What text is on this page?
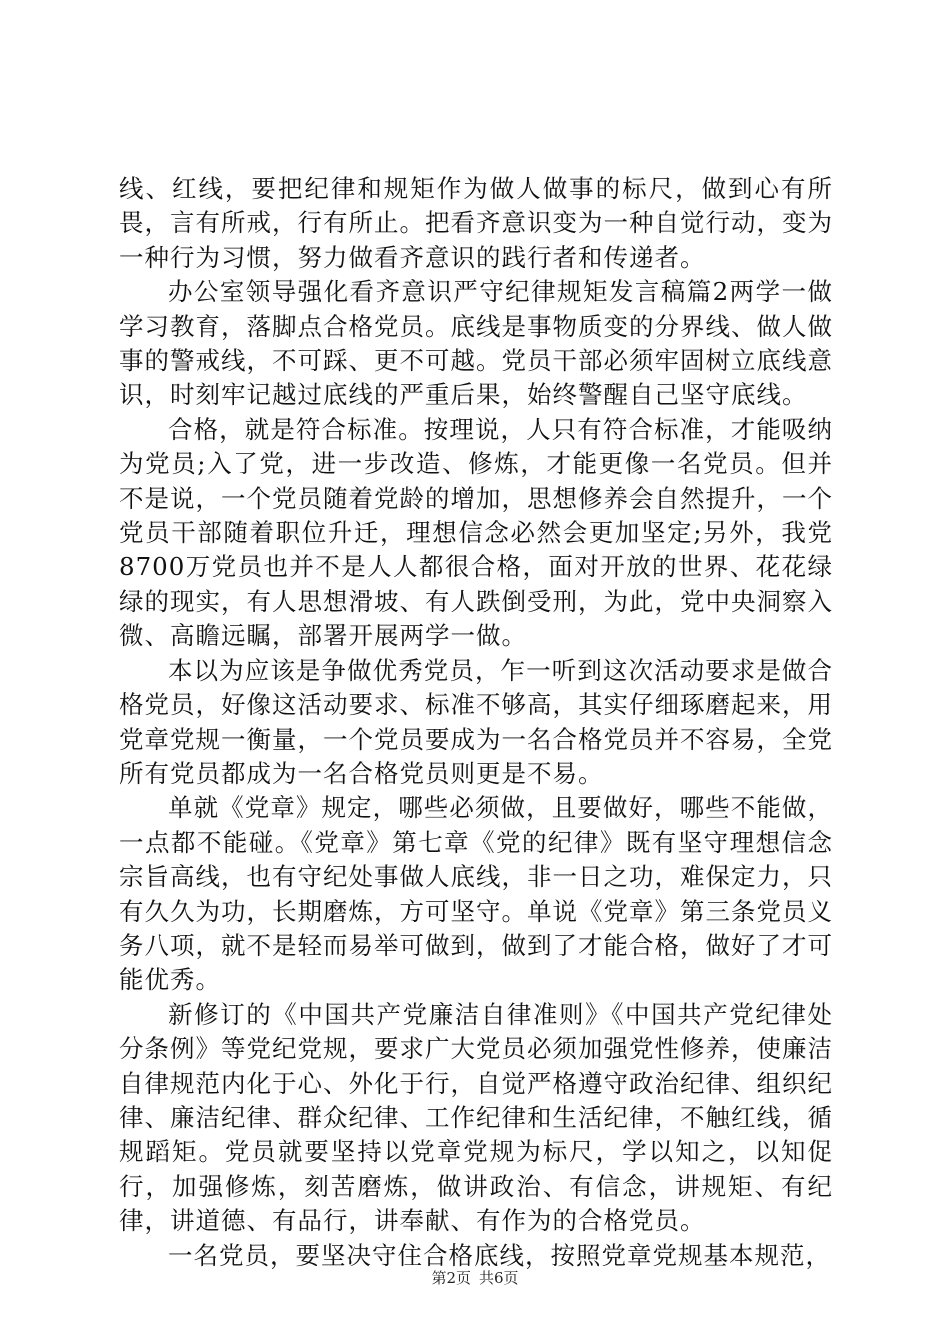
线、红线，要把纪律和规矩作为做人做事的标尺，做到心有所畏，言有所戒，行有所止。把看齐意识变为一种自觉行动，变为一种行为习惯，努力做看齐意识的践行者和传递者。

办公室领导强化看齐意识严守纪律规矩发言稿篇2两学一做学习教育，落脚点合格党员。底线是事物质变的分界线、做人做事的警戒线，不可踩、更不可越。党员干部必须牢固树立底线意识，时刻牢记越过底线的严重后果，始终警醒自己坚守底线。

合格，就是符合标准。按理说，人只有符合标准，才能吸纳为党员;入了党，进一步改造、修炼，才能更像一名党员。但并不是说，一个党员随着党龄的增加，思想修养会自然提升，一个党员干部随着职位升迁，理想信念必然会更加坚定;另外，我党8700万党员也并不是人人都很合格，面对开放的世界、花花绿绿的现实，有人思想滑坡、有人跌倒受刑，为此，党中央洞察入微、高瞻远瞩，部署开展两学一做。

本以为应该是争做优秀党员，乍一听到这次活动要求是做合格党员，好像这活动要求、标准不够高，其实仔细琢磨起来，用党章党规一衡量，一个党员要成为一名合格党员并不容易，全党所有党员都成为一名合格党员则更是不易。

单就《党章》规定，哪些必须做，且要做好，哪些不能做，一点都不能碰。《党章》第七章《党的纪律》既有坚守理想信念宗旨高线，也有守纪处事做人底线，非一日之功，难保定力，只有久久为功，长期磨炼，方可坚守。单说《党章》第三条党员义务八项，就不是轻而易举可做到，做到了才能合格，做好了才可能优秀。

新修订的《中国共产党廉洁自律准则》《中国共产党纪律处分条例》等党纪党规，要求广大党员必须加强党性修养，使廉洁自律规范内化于心、外化于行，自觉严格遵守政治纪律、组织纪律、廉洁纪律、群众纪律、工作纪律和生活纪律，不触红线，循规蹈矩。党员就要坚持以党章党规为标尺，学以知之，以知促行，加强修炼，刻苦磨炼，做讲政治、有信念，讲规矩、有纪律，讲道德、有品行，讲奉献、有作为的合格党员。

一名党员，要坚决守住合格底线，按照党章党规基本规范，

第2页 共6页
